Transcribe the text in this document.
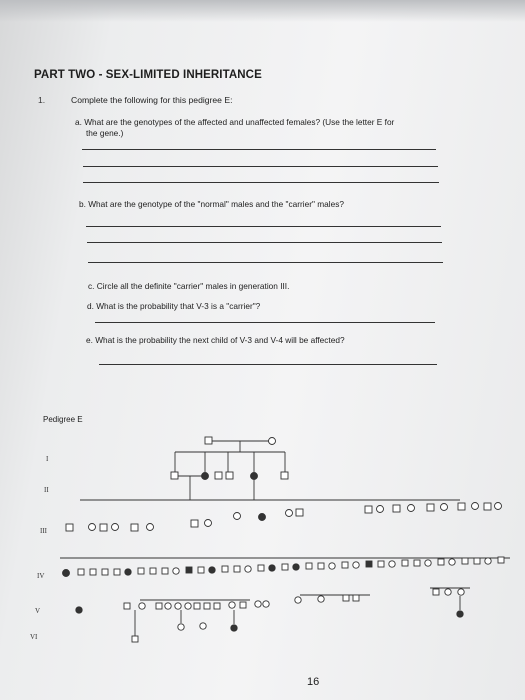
PART TWO - SEX-LIMITED INHERITANCE
1.	Complete the following for this pedigree E:
a. What are the genotypes of the affected and unaffected females? (Use the letter E for
the gene.)
b. What are the genotype of the "normal" males and the "carrier" males?
c. Circle all the definite "carrier" males in generation III.
d. What is the probability that V-3 is a "carrier"?
e. What is the probability the next child of V-3 and V-4 will be affected?
Pedigree E
I
II
III
IV
V
VI
16
